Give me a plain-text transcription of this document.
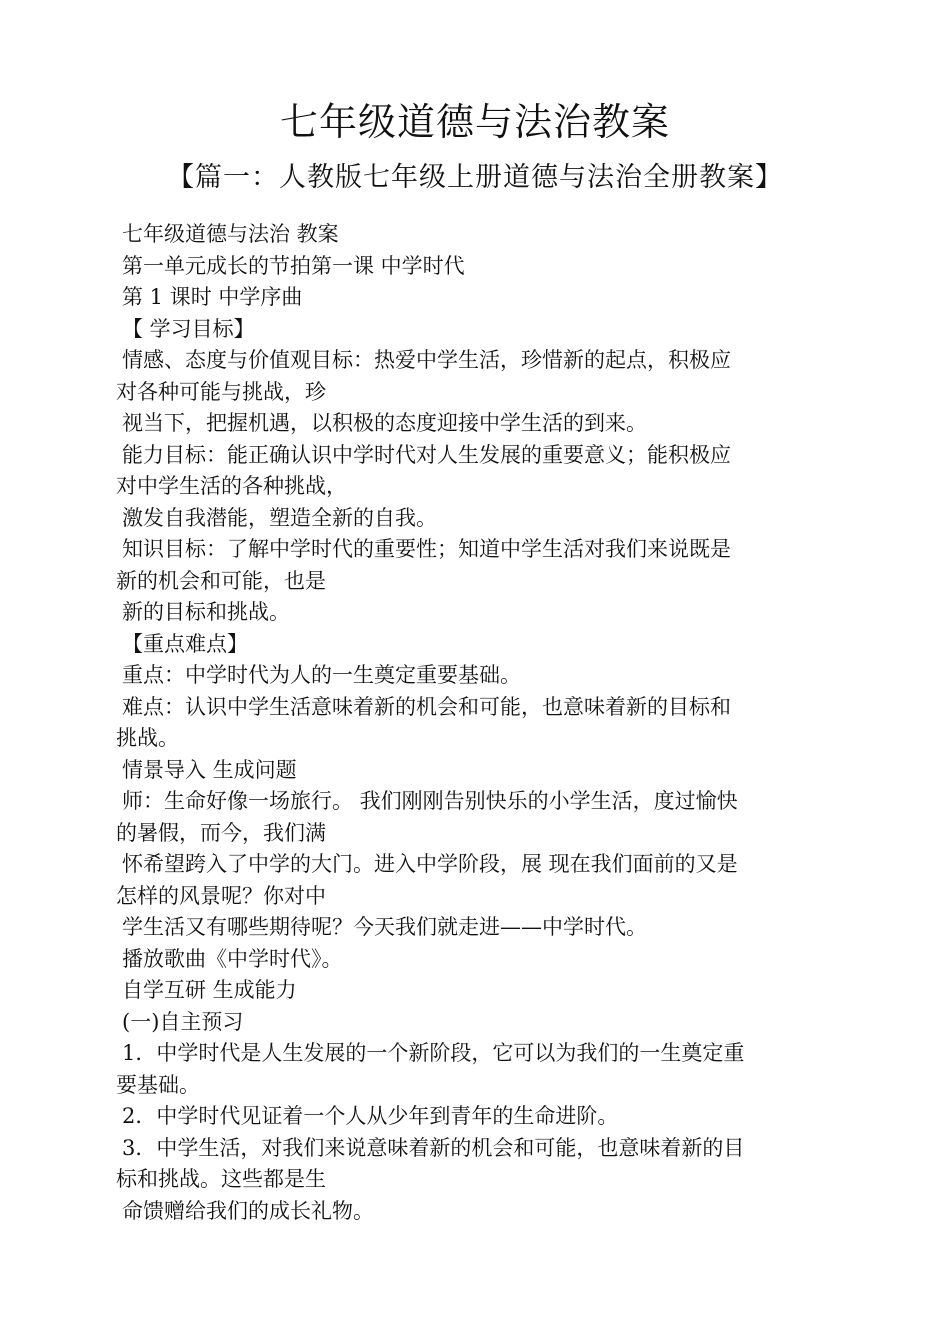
七年级道德与法治教案
【篇一：人教版七年级上册道德与法治全册教案】
七年级道德与法治 教案
第一单元成长的节拍第一课 中学时代
第 1 课时 中学序曲
【 学习目标】
情感、态度与价值观目标：热爱中学生活，珍惜新的起点，积极应
对各种可能与挑战，珍
视当下，把握机遇，以积极的态度迎接中学生活的到来。
能力目标：能正确认识中学时代对人生发展的重要意义；能积极应
对中学生活的各种挑战，
激发自我潜能，塑造全新的自我。
知识目标：了解中学时代的重要性；知道中学生活对我们来说既是
新的机会和可能，也是
新的目标和挑战。
【重点难点】
重点：中学时代为人的一生奠定重要基础。
难点：认识中学生活意味着新的机会和可能，也意味着新的目标和
挑战。
情景导入 生成问题
师：生命好像一场旅行。 我们刚刚告别快乐的小学生活，度过愉快
的暑假，而今，我们满
怀希望跨入了中学的大门。进入中学阶段，展 现在我们面前的又是
怎样的风景呢？你对中
学生活又有哪些期待呢？今天我们就走进——中学时代。
播放歌曲《中学时代》。
自学互研 生成能力
(一)自主预习
1．中学时代是人生发展的一个新阶段，它可以为我们的一生奠定重
要基础。
2．中学时代见证着一个人从少年到青年的生命进阶。
3．中学生活，对我们来说意味着新的机会和可能，也意味着新的目
标和挑战。这些都是生
命馈赠给我们的成长礼物。
